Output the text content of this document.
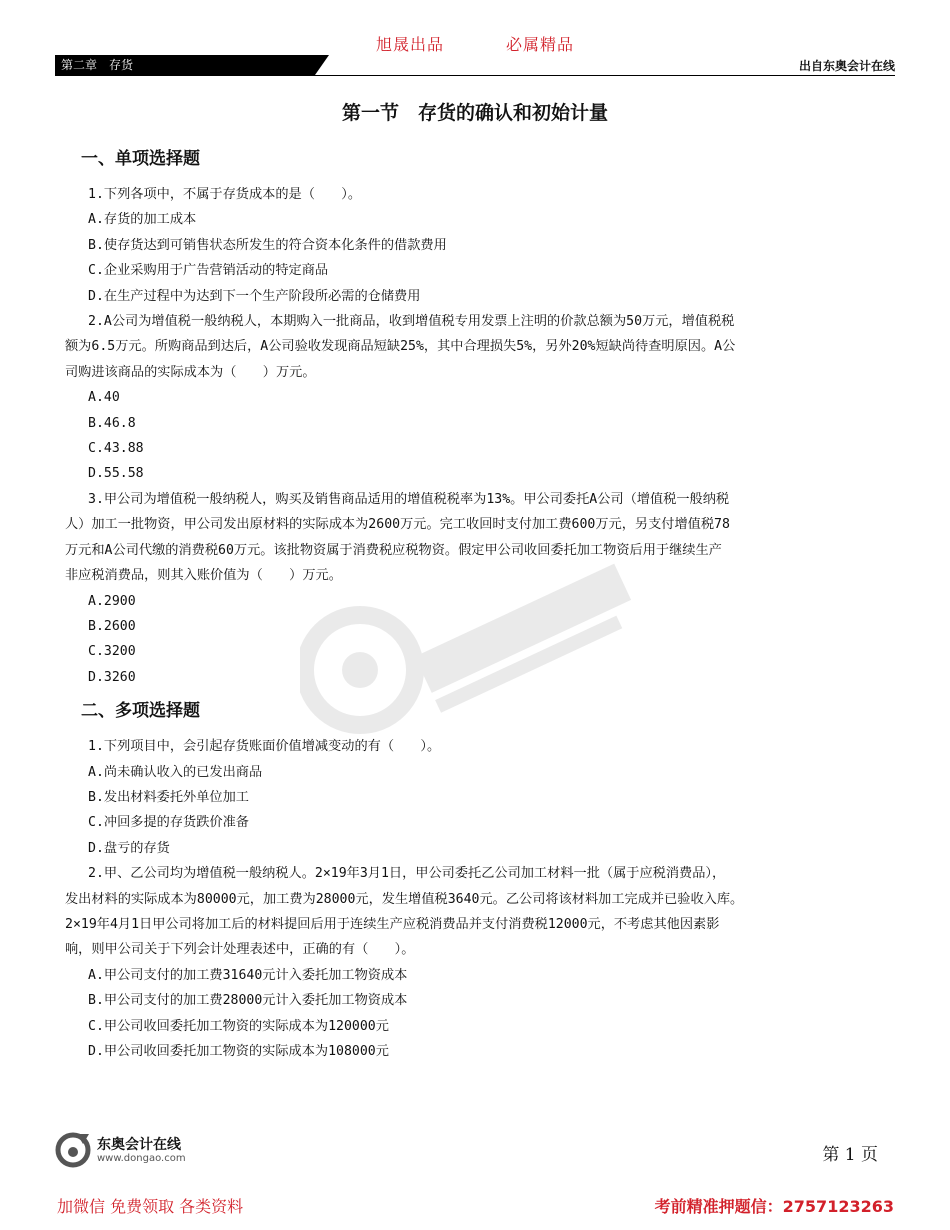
旭晟出品	必属精品
第二章　存货	出自东奥会计在线
第一节　存货的确认和初始计量
一、单项选择题

1.下列各项中，不属于存货成本的是（　　）。

A.存货的加工成本

B.使存货达到可销售状态所发生的符合资本化条件的借款费用

C.企业采购用于广告营销活动的特定商品

D.在生产过程中为达到下一个生产阶段所必需的仓储费用

2.A公司为增值税一般纳税人，本期购入一批商品，收到增值税专用发票上注明的价款总额为50万元，增值税税

额为6.5万元。所购商品到达后，A公司验收发现商品短缺25%，其中合理损失5%，另外20%短缺尚待查明原因。A公

司购进该商品的实际成本为（　　）万元。

A.40

B.46.8

C.43.88

D.55.58

3.甲公司为增值税一般纳税人，购买及销售商品适用的增值税税率为13%。甲公司委托A公司（增值税一般纳税

人）加工一批物资，甲公司发出原材料的实际成本为2600万元。完工收回时支付加工费600万元，另支付增值税78

万元和A公司代缴的消费税60万元。该批物资属于消费税应税物资。假定甲公司收回委托加工物资后用于继续生产

非应税消费品，则其入账价值为（　　）万元。

A.2900

B.2600

C.3200

D.3260

二、多项选择题

1.下列项目中，会引起存货账面价值增减变动的有（　　）。

A.尚未确认收入的已发出商品

B.发出材料委托外单位加工

C.冲回多提的存货跌价准备

D.盘亏的存货

2.甲、乙公司均为增值税一般纳税人。2×19年3月1日，甲公司委托乙公司加工材料一批（属于应税消费品），

发出材料的实际成本为80000元，加工费为28000元，发生增值税3640元。乙公司将该材料加工完成并已验收入库。

2×19年4月1日甲公司将加工后的材料提回后用于连续生产应税消费品并支付消费税12000元，不考虑其他因素影

响，则甲公司关于下列会计处理表述中，正确的有（　　）。

A.甲公司支付的加工费31640元计入委托加工物资成本

B.甲公司支付的加工费28000元计入委托加工物资成本

C.甲公司收回委托加工物资的实际成本为120000元

D.甲公司收回委托加工物资的实际成本为108000元

东奥会计在线
www.dongao.com	第 1 页
加微信 免费领取 各类资料	考前精准押题信：2757123263
